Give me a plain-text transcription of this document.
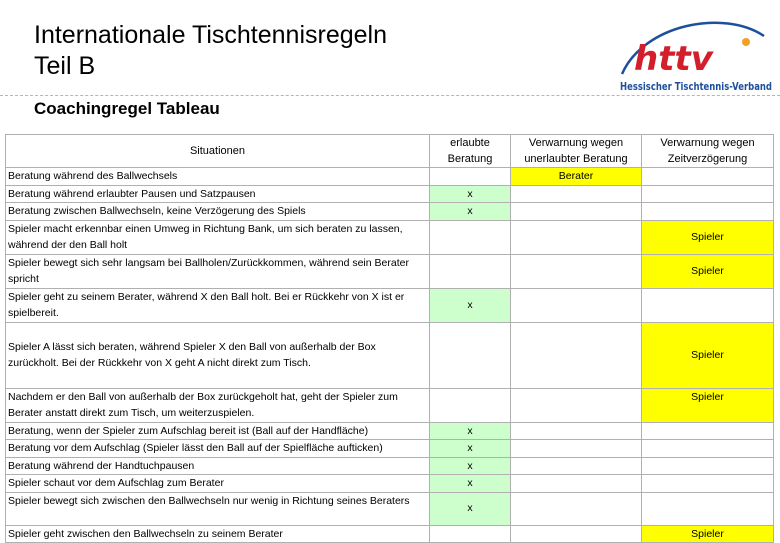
Internationale Tischtennisregeln
Teil B	httv
Hessischer Tischtennis-Verband
Coachingregel Tableau
Situationen	erlaubte Beratung	Verwarnung wegen unerlaubter Beratung	Verwarnung wegen Zeitverzögerung
Beratung während des Ballwechsels		Berater	
Beratung während erlaubter Pausen und Satzpausen	x		
Beratung zwischen Ballwechseln, keine Verzögerung des Spiels	x		
Spieler macht erkennbar einen Umweg in Richtung Bank, um sich beraten zu lassen, während der den Ball holt			Spieler
Spieler bewegt sich sehr langsam bei Ballholen/Zurückkommen, während sein Berater spricht			Spieler
Spieler geht zu seinem Berater, während X den Ball holt. Bei er Rückkehr von X ist er spielbereit.	x		
Spieler A lässt sich beraten, während Spieler X den Ball von außerhalb der Box zurückholt. Bei der Rückkehr von X geht A nicht direkt zum Tisch.			Spieler
Nachdem er den Ball von außerhalb der Box zurückgeholt hat, geht der Spieler zum Berater anstatt direkt zum Tisch, um weiterzuspielen.			Spieler
Beratung, wenn der Spieler zum Aufschlag bereit ist (Ball auf der Handfläche)	x		
Beratung vor dem Aufschlag (Spieler lässt den Ball auf der Spielfläche aufticken)	x		
Beratung während der Handtuchpausen	x		
Spieler schaut vor dem Aufschlag zum Berater	x		
Spieler bewegt sich zwischen den Ballwechseln nur wenig in Richtung seines Beraters	x		
Spieler geht zwischen den Ballwechseln zu seinem Berater			Spieler
